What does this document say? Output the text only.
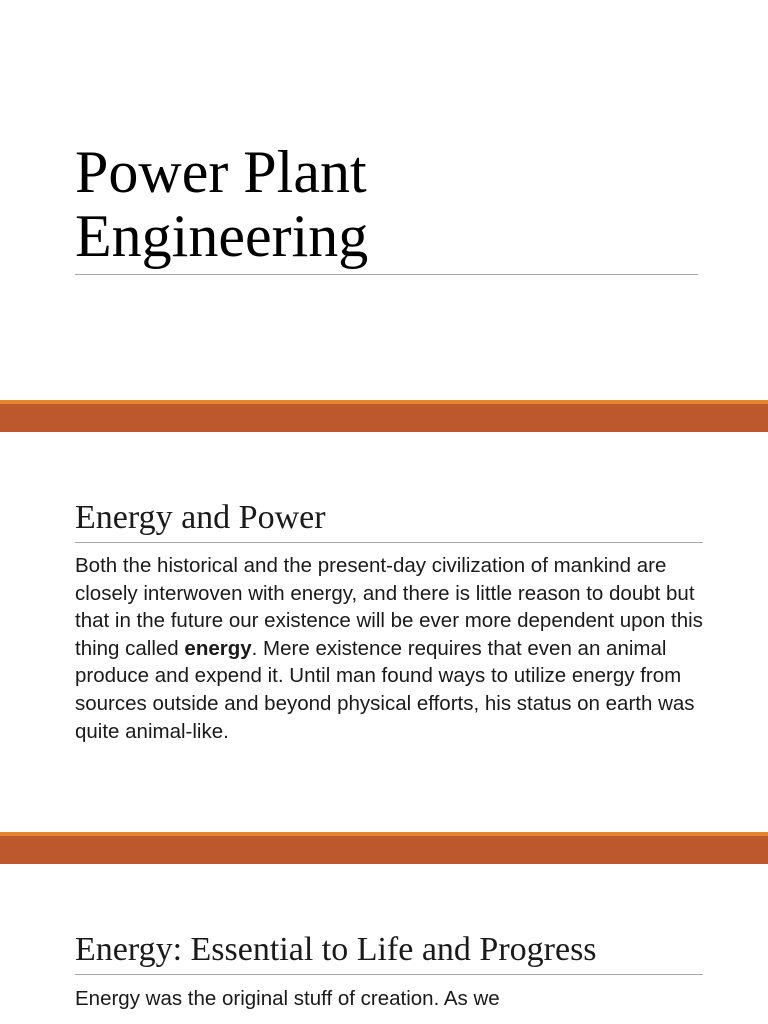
Power Plant
Engineering
Energy and Power

Both the historical and the present-day civilization of mankind are closely interwoven with energy, and there is little reason to doubt but that in the future our existence will be ever more dependent upon this thing called energy. Mere existence requires that even an animal produce and expend it. Until man found ways to utilize energy from sources outside and beyond physical efforts, his status on earth was quite animal-like.

Energy: Essential to Life and Progress

Energy was the original stuff of creation. As we
